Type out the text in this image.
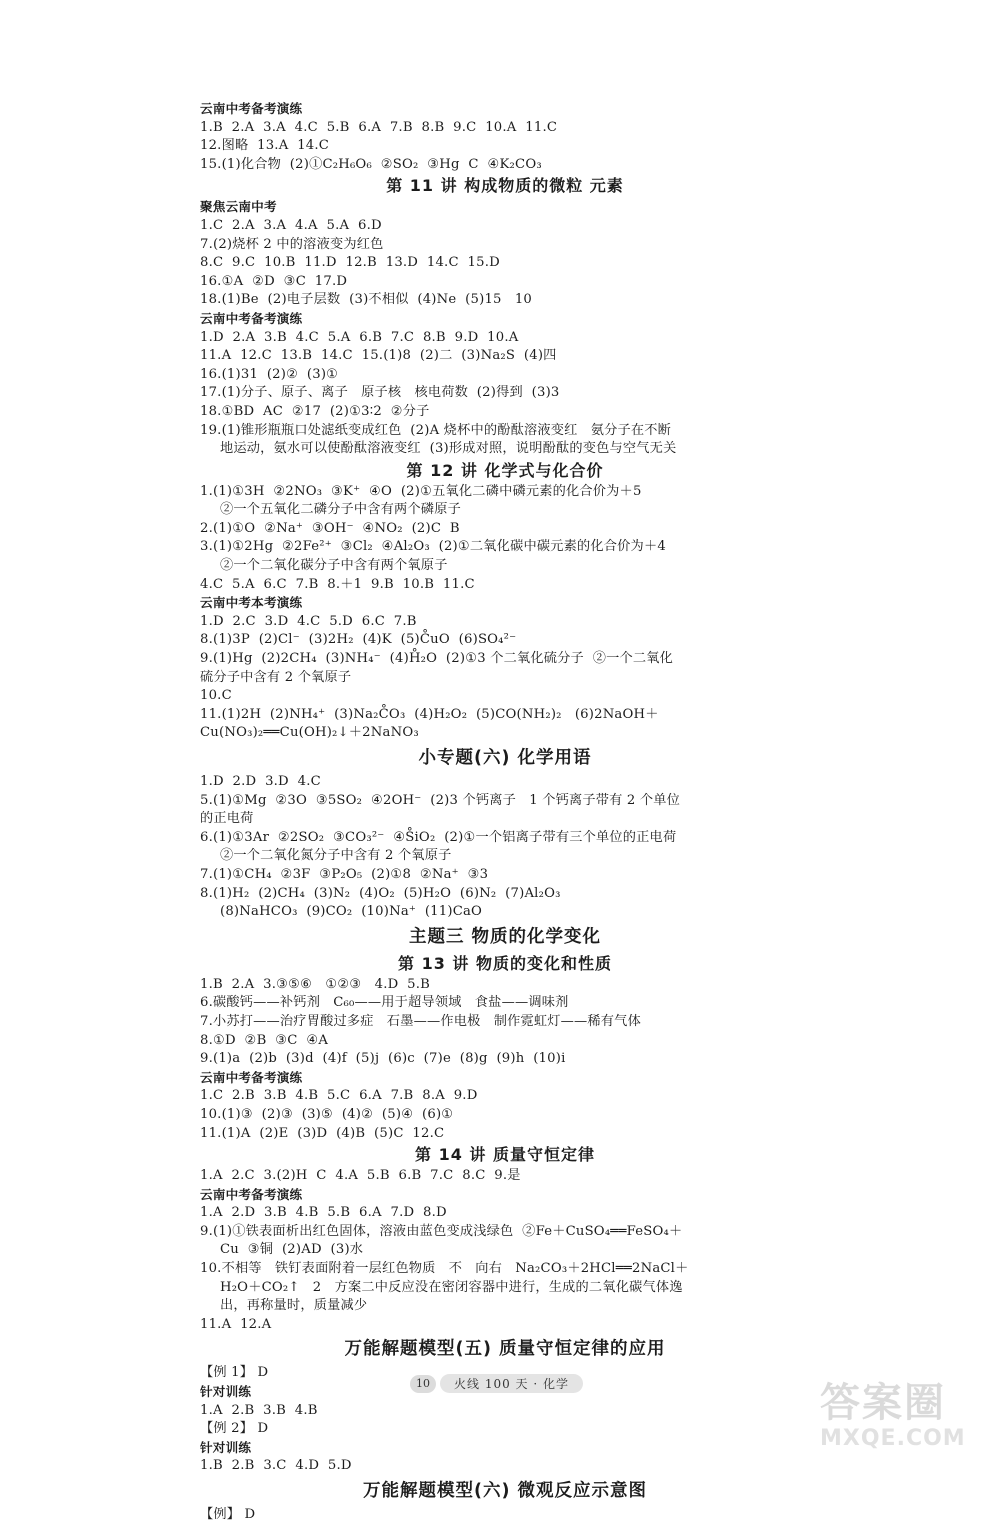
云南中考备考演练
1.B  2.A  3.A  4.C  5.B  6.A  7.B  8.B  9.C  10.A  11.C
12.图略  13.A  14.C
15.(1)化合物  (2)①C₂H₆O₆  ②SO₂  ③Hg  C  ④K₂CO₃
第 11 讲 构成物质的微粒 元素
聚焦云南中考
1.C  2.A  3.A  4.A  5.A  6.D
7.(2)烧杯 2 中的溶液变为红色
8.C  9.C  10.B  11.D  12.B  13.D  14.C  15.D
16.①A  ②D  ③C  17.D
18.(1)Be  (2)电子层数  (3)不相似  (4)Ne  (5)15   10
云南中考备考演练
1.D  2.A  3.B  4.C  5.A  6.B  7.C  8.B  9.D  10.A
11.A  12.C  13.B  14.C  15.(1)8  (2)二  (3)Na₂S  (4)四
16.(1)31  (2)②  (3)①
17.(1)分子、原子、离子   原子核   核电荷数  (2)得到  (3)3
18.①BD  AC  ②17  (2)①3∶2  ②分子
19.(1)锥形瓶瓶口处滤纸变成红色  (2)A 烧杯中的酚酞溶液变红   氨分子在不断
地运动，氨水可以使酚酞溶液变红  (3)形成对照，说明酚酞的变色与空气无关
第 12 讲 化学式与化合价
1.(1)①3H  ②2NO₃  ③K⁺  ④O  (2)①五氧化二磷中磷元素的化合价为＋5
②一个五氧化二磷分子中含有两个磷原子
2.(1)①O  ②Na⁺  ③OH⁻  ④NO₂  (2)C  B
3.(1)①2Hg  ②2Fe²⁺  ③Cl₂  ④Al₂O₃  (2)①二氧化碳中碳元素的化合价为＋4
②一个二氧化碳分子中含有两个氧原子
4.C  5.A  6.C  7.B  8.＋1  9.B  10.B  11.C
云南中考本考演练
1.D  2.C  3.D  4.C  5.D  6.C  7.B
8.(1)3P  (2)Cl⁻  (3)2H₂  (4)K  (5)C̊uO  (6)SO₄²⁻
9.(1)Hg  (2)2CH₄  (3)NH₄⁻  (4)H̊₂O  (2)①3 个二氧化硫分子  ②一个二氧化
硫分子中含有 2 个氧原子
10.C
11.(1)2H  (2)NH₄⁺  (3)Na₂C̊O₃  (4)H₂O₂  (5)CO(NH₂)₂   (6)2NaOH＋
Cu(NO₃)₂══Cu(OH)₂↓＋2NaNO₃
小专题(六) 化学用语
1.D  2.D  3.D  4.C
5.(1)①Mg  ②3O  ③5SO₂  ④2OH⁻  (2)3 个钙离子   1 个钙离子带有 2 个单位
的正电荷
6.(1)①3Ar  ②2SO₂  ③CO₃²⁻  ④S̊iO₂  (2)①一个铝离子带有三个单位的正电荷
②一个二氧化氮分子中含有 2 个氧原子
7.(1)①CH₄  ②3F  ③P₂O₅  (2)①8  ②Na⁺  ③3
8.(1)H₂  (2)CH₄  (3)N₂  (4)O₂  (5)H₂O  (6)N₂  (7)Al₂O₃
(8)NaHCO₃  (9)CO₂  (10)Na⁺  (11)CaO
主题三 物质的化学变化
第 13 讲 物质的变化和性质
1.B  2.A  3.③⑤⑥   ①②③   4.D  5.B
6.碳酸钙——补钙剂   C₆₀——用于超导领域   食盐——调味剂
7.小苏打——治疗胃酸过多症   石墨——作电极   制作霓虹灯——稀有气体
8.①D  ②B  ③C  ④A
9.(1)a  (2)b  (3)d  (4)f  (5)j  (6)c  (7)e  (8)g  (9)h  (10)i
云南中考备考演练
1.C  2.B  3.B  4.B  5.C  6.A  7.B  8.A  9.D
10.(1)③  (2)③  (3)⑤  (4)②  (5)④  (6)①
11.(1)A  (2)E  (3)D  (4)B  (5)C  12.C
第 14 讲 质量守恒定律
1.A  2.C  3.(2)H  C  4.A  5.B  6.B  7.C  8.C  9.是
云南中考备考演练
1.A  2.D  3.B  4.B  5.B  6.A  7.D  8.D
9.(1)①铁表面析出红色固体，溶液由蓝色变成浅绿色  ②Fe＋CuSO₄══FeSO₄＋
Cu  ③铜  (2)AD  (3)水
10.不相等   铁钉表面附着一层红色物质   不   向右   Na₂CO₃＋2HCl══2NaCl＋
H₂O＋CO₂↑   2   方案二中反应没在密闭容器中进行，生成的二氧化碳气体逸
出，再称量时，质量减少
11.A  12.A
万能解题模型(五) 质量守恒定律的应用
【例 1】 D
针对训练
1.A  2.B  3.B  4.B
【例 2】 D
针对训练
1.B  2.B  3.C  4.D  5.D
万能解题模型(六) 微观反应示意图
【例】 D
10	火线 100 天 · 化学	答案圈
MXQE.COM
